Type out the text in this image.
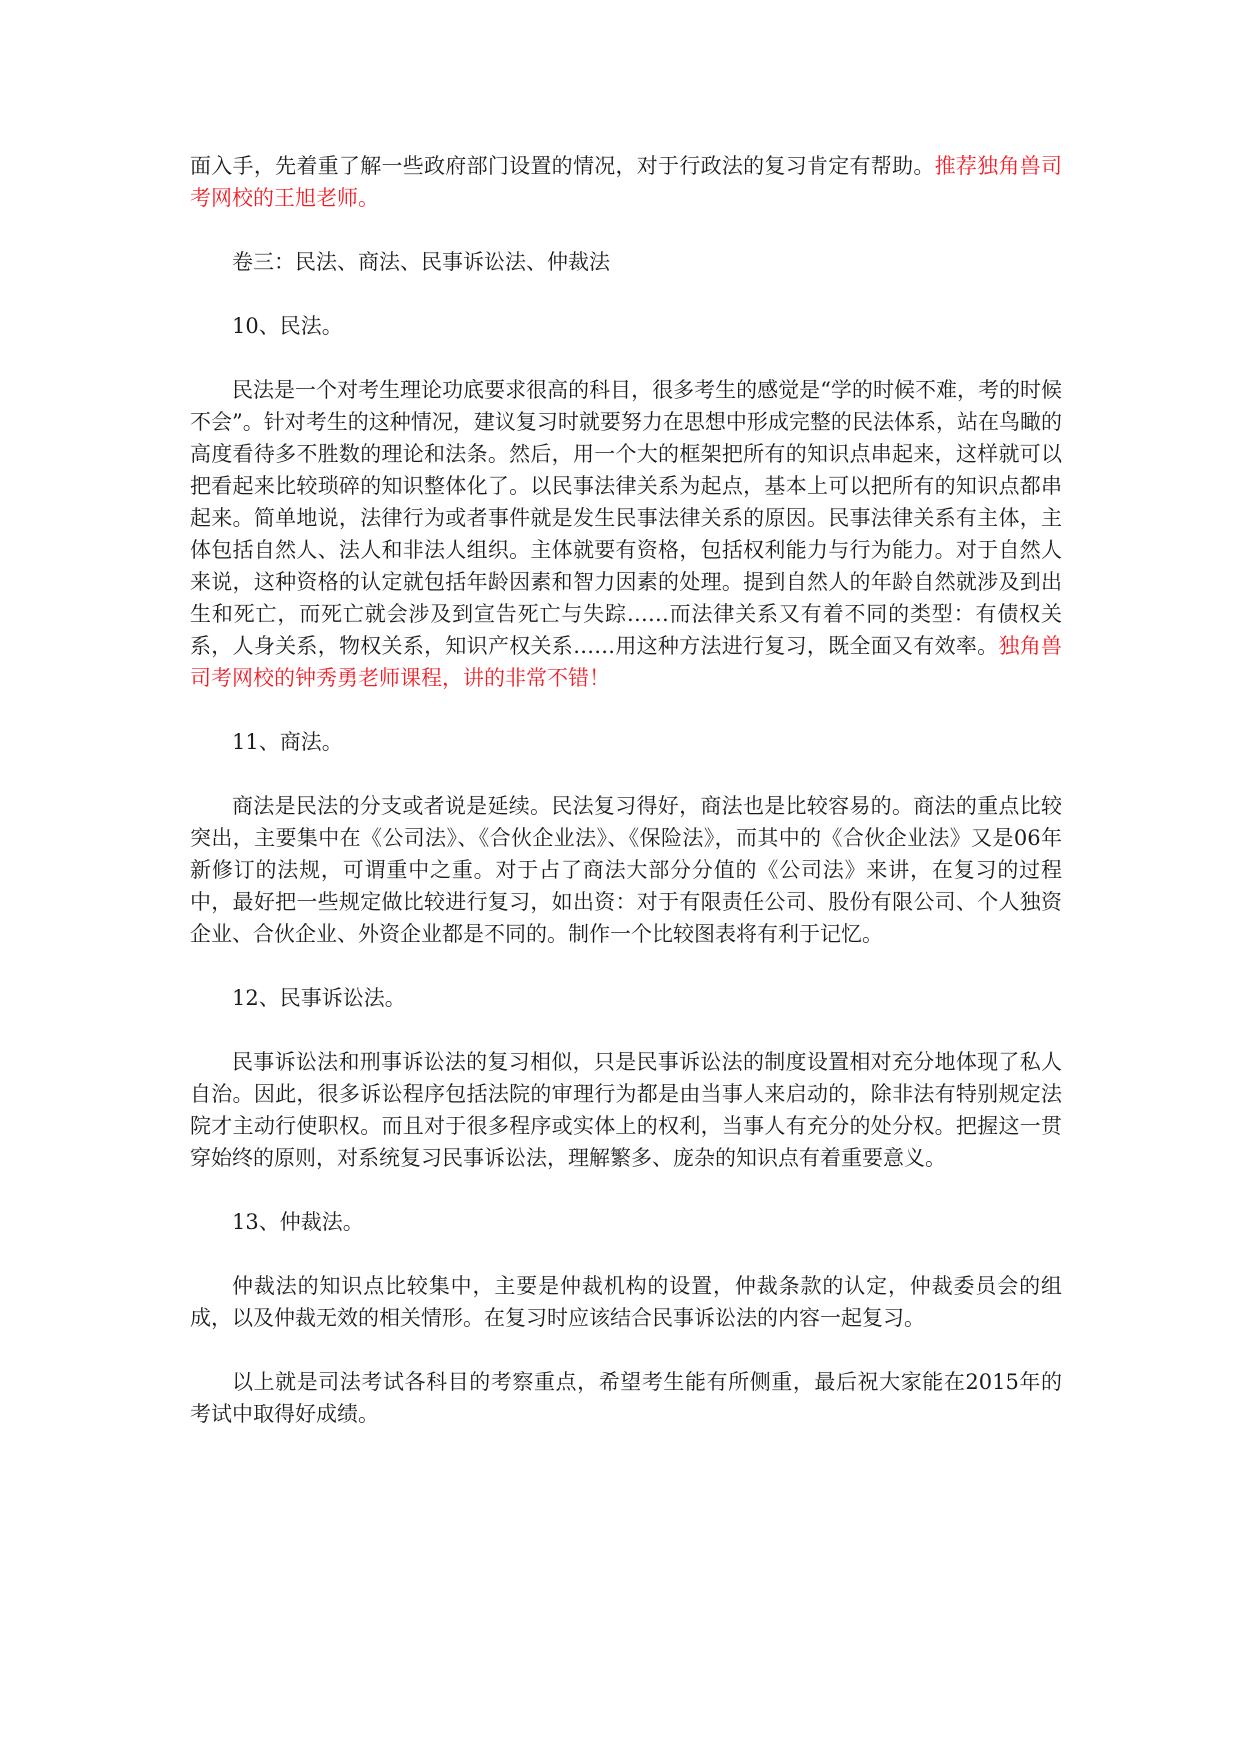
面入手，先着重了解一些政府部门设置的情况，对于行政法的复习肯定有帮助。推荐独角兽司考网校的王旭老师。

卷三：民法、商法、民事诉讼法、仲裁法

10、民法。

民法是一个对考生理论功底要求很高的科目，很多考生的感觉是“学的时候不难，考的时候不会”。针对考生的这种情况，建议复习时就要努力在思想中形成完整的民法体系，站在鸟瞰的高度看待多不胜数的理论和法条。然后，用一个大的框架把所有的知识点串起来，这样就可以把看起来比较琐碎的知识整体化了。以民事法律关系为起点，基本上可以把所有的知识点都串起来。简单地说，法律行为或者事件就是发生民事法律关系的原因。民事法律关系有主体，主体包括自然人、法人和非法人组织。主体就要有资格，包括权利能力与行为能力。对于自然人来说，这种资格的认定就包括年龄因素和智力因素的处理。提到自然人的年龄自然就涉及到出生和死亡，而死亡就会涉及到宣告死亡与失踪……而法律关系又有着不同的类型：有债权关系，人身关系，物权关系，知识产权关系……用这种方法进行复习，既全面又有效率。独角兽司考网校的钟秀勇老师课程，讲的非常不错！

11、商法。

商法是民法的分支或者说是延续。民法复习得好，商法也是比较容易的。商法的重点比较突出，主要集中在《公司法》、《合伙企业法》、《保险法》，而其中的《合伙企业法》又是06年新修订的法规，可谓重中之重。对于占了商法大部分分值的《公司法》来讲，在复习的过程中，最好把一些规定做比较进行复习，如出资：对于有限责任公司、股份有限公司、个人独资企业、合伙企业、外资企业都是不同的。制作一个比较图表将有利于记忆。

12、民事诉讼法。

民事诉讼法和刑事诉讼法的复习相似，只是民事诉讼法的制度设置相对充分地体现了私人自治。因此，很多诉讼程序包括法院的审理行为都是由当事人来启动的，除非法有特别规定法院才主动行使职权。而且对于很多程序或实体上的权利，当事人有充分的处分权。把握这一贯穿始终的原则，对系统复习民事诉讼法，理解繁多、庞杂的知识点有着重要意义。

13、仲裁法。

仲裁法的知识点比较集中，主要是仲裁机构的设置，仲裁条款的认定，仲裁委员会的组成，以及仲裁无效的相关情形。在复习时应该结合民事诉讼法的内容一起复习。

以上就是司法考试各科目的考察重点，希望考生能有所侧重，最后祝大家能在2015年的考试中取得好成绩。
